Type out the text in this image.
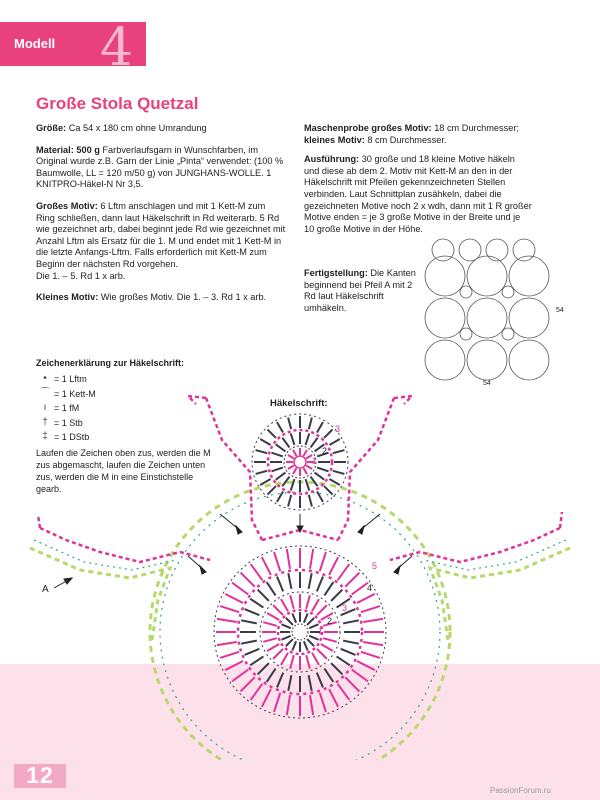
Modell 4
Große Stola Quetzal

Größe: Ca 54 x 180 cm ohne Umrandung

Material: 500 g Farbverlaufsgarn in Wunschfarben, im Original wurde z.B. Garn der Linie „Pinta“ verwendet: (100 % Baumwolle, LL = 120 m/50 g) von JUNGHANS-WOLLE. 1 KNITPRO-Häkel-N Nr 3,5.

Großes Motiv: 6 Lftm anschlagen und mit 1 Kett-M zum Ring schließen, dann laut Häkelschrift in Rd weiterarb. 5 Rd wie gezeichnet arb, dabei beginnt jede Rd wie gezeichnet mit Anzahl Lftm als Ersatz für die 1. M und endet mit 1 Kett-M in die letzte Anfangs-Lftm. Falls erforderlich mit Kett-M zum Beginn der nächsten Rd vorgehen.
Die 1. – 5. Rd 1 x arb.

Kleines Motiv: Wie großes Motiv. Die 1. – 3. Rd 1 x arb.

Maschenprobe großes Motiv: 18 cm Durchmesser;
kleines Motiv: 8 cm Durchmesser.

Ausführung: 30 große und 18 kleine Motive häkeln und diese ab dem 2. Motiv mit Kett-M an den in der Häkelschrift mit Pfeilen gekennzeichneten Stellen verbinden. Laut Schnittplan zusähkeln, dabei die gezeichneten Motive noch 2 x wdh, dann mit 1 R großer Motive enden = je 3 große Motive in der Breite und je 10 große Motive in der Höhe.

Fertigstellung: Die Kanten beginnend bei Pfeil A mit 2 Rd laut Häkelschrift umhäkeln.
54
54
Häkelschrift:
3
2
1
5
4
3
2
1
A
Zeichenerklärung zur Häkelschrift:
• = 1 Lftm
⌒ = 1 Kett-M
ı = 1 fM
† = 1 Stb
‡ = 1 DStb
Laufen die Zeichen oben zus, werden die M zus abgemascht, laufen die Zeichen unten zus, werden die M in eine Einstichstelle gearb.
12
PassionForum.ru
